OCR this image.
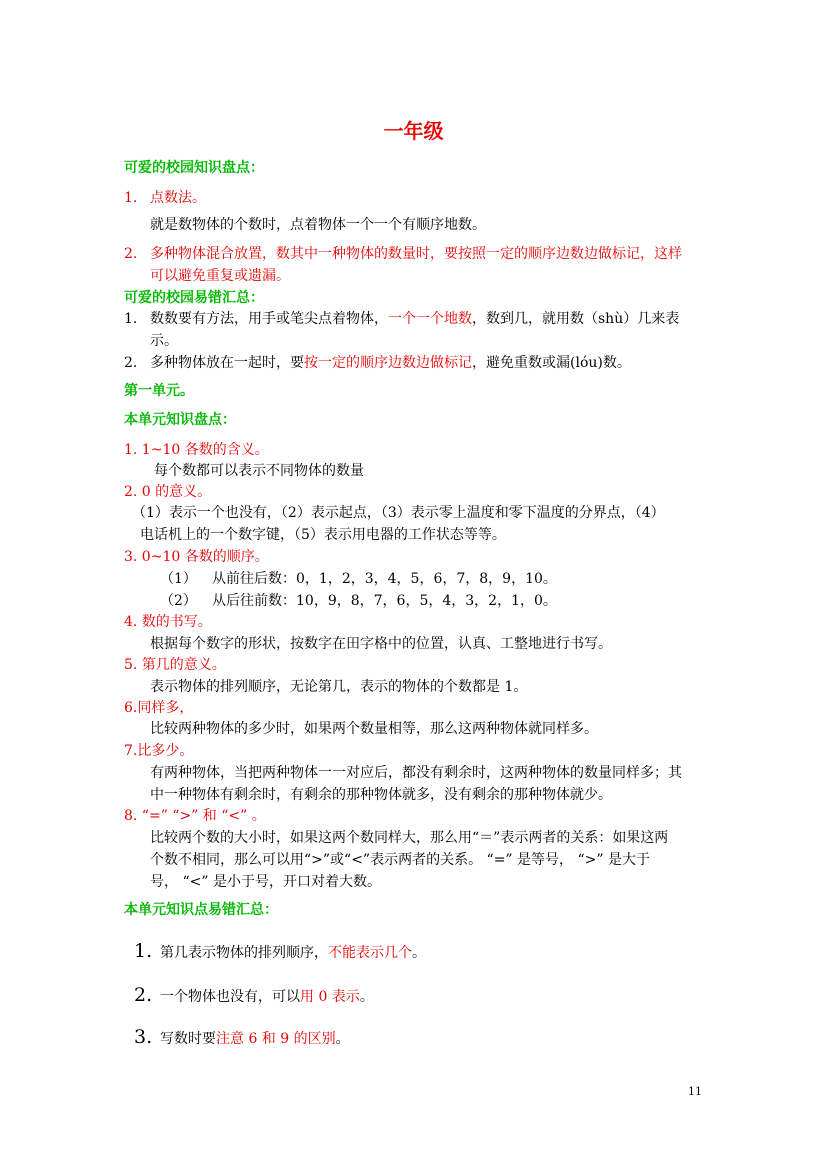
一年级
可爱的校园知识盘点：
1. 点数法。
就是数物体的个数时，点着物体一个一个有顺序地数。
2. 多种物体混合放置，数其中一种物体的数量时，要按照一定的顺序边数边做标记，这样
可以避免重复或遗漏。
可爱的校园易错汇总：
1. 数数要有方法，用手或笔尖点着物体，一个一个地数，数到几，就用数（shù）几来表
示。
2. 多种物体放在一起时，要按一定的顺序边数边做标记，避免重数或漏(lóu)数。
第一单元。
本单元知识盘点：
1. 1~10 各数的含义。
每个数都可以表示不同物体的数量
2. 0 的意义。
（1）表示一个也没有，（2）表示起点，（3）表示零上温度和零下温度的分界点，（4）
电话机上的一个数字键，（5）表示用电器的工作状态等等。
3. 0~10 各数的顺序。
（1） 从前往后数：0，1，2，3，4，5，6，7，8，9，10。
（2） 从后往前数：10，9，8，7，6，5，4，3，2，1，0。
4. 数的书写。
根据每个数字的形状，按数字在田字格中的位置，认真、工整地进行书写。
5. 第几的意义。
表示物体的排列顺序，无论第几，表示的物体的个数都是 1。
6.同样多，
比较两种物体的多少时，如果两个数量相等，那么这两种物体就同样多。
7.比多少。
有两种物体，当把两种物体一一对应后，都没有剩余时，这两种物体的数量同样多；其
中一种物体有剩余时，有剩余的那种物体就多，没有剩余的那种物体就少。
8. “=” “>” 和 “<” 。
比较两个数的大小时，如果这两个数同样大，那么用“＝”表示两者的关系：如果这两
个数不相同，那么可以用“>”或“<”表示两者的关系。 “=” 是等号， “>” 是大于
号， “<” 是小于号，开口对着大数。
本单元知识点易错汇总：
1. 第几表示物体的排列顺序，不能表示几个。
2. 一个物体也没有，可以用 0 表示。
3. 写数时要注意 6 和 9 的区别。
11
